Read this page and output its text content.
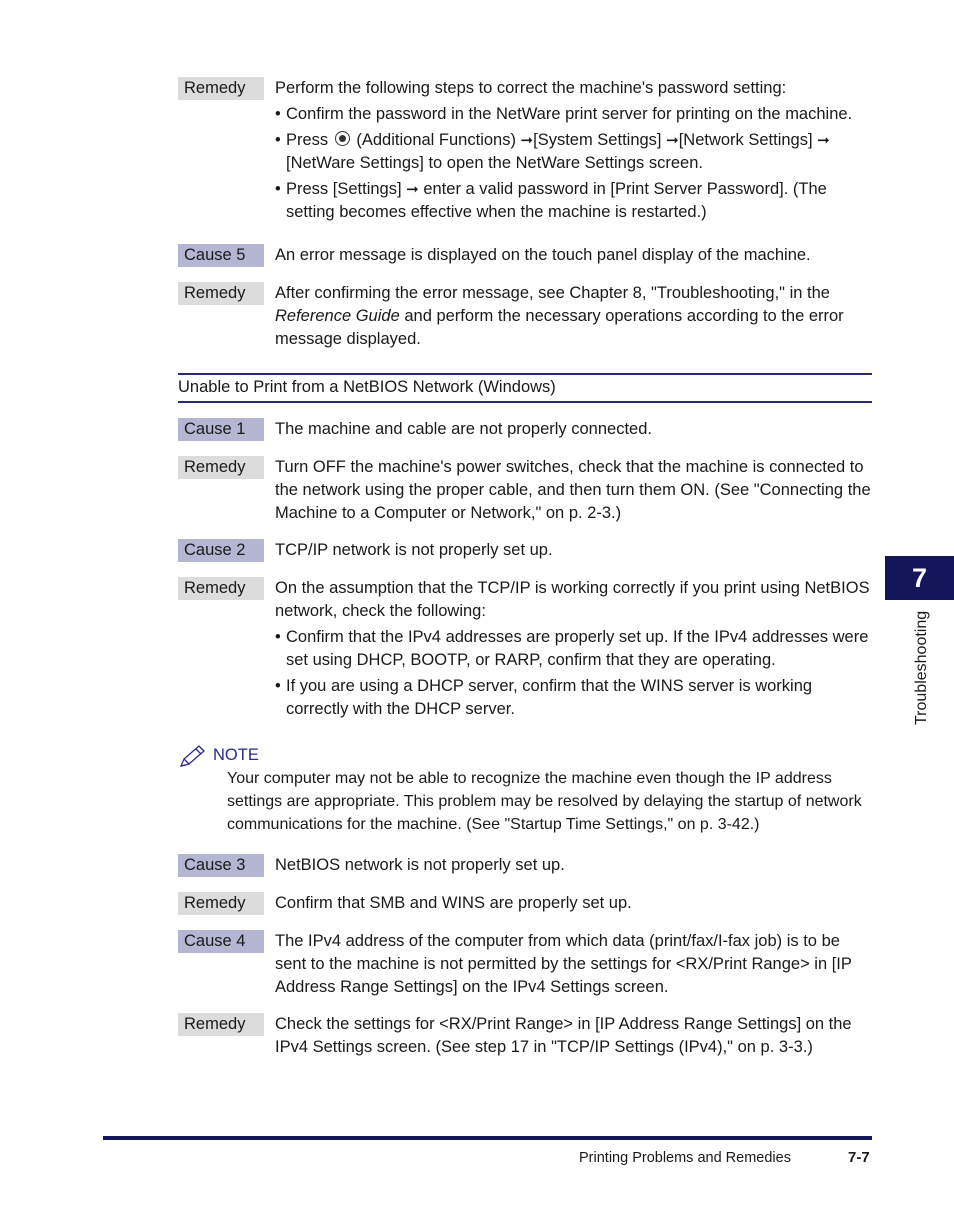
Remedy	Perform the following steps to correct the machine's password setting:

• Confirm the password in the NetWare print server for printing on the machine.
• Press (Additional Functions) ➞[System Settings] ➞[Network Settings] ➞
[NetWare Settings] to open the NetWare Settings screen.
• Press [Settings] ➞ enter a valid password in [Print Server Password]. (The setting becomes effective when the machine is restarted.)
Cause 5	An error message is displayed on the touch panel display of the machine.

Remedy	After confirming the error message, see Chapter 8, "Troubleshooting," in the
Reference Guide and perform the necessary operations according to the error message displayed.

Unable to Print from a NetBIOS Network (Windows)
Cause 1	The machine and cable are not properly connected.

Remedy	Turn OFF the machine's power switches, check that the machine is connected to the network using the proper cable, and then turn them ON. (See "Connecting the Machine to a Computer or Network," on p. 2-3.)

Cause 2	TCP/IP network is not properly set up.

Remedy	On the assumption that the TCP/IP is working correctly if you print using NetBIOS network, check the following:

• Confirm that the IPv4 addresses are properly set up. If the IPv4 addresses were set using DHCP, BOOTP, or RARP, confirm that they are operating.
• If you are using a DHCP server, confirm that the WINS server is working correctly with the DHCP server.
NOTE
Your computer may not be able to recognize the machine even though the IP address settings are appropriate. This problem may be resolved by delaying the startup of network communications for the machine. (See "Startup Time Settings," on p. 3-42.)
Cause 3	NetBIOS network is not properly set up.

Remedy	Confirm that SMB and WINS are properly set up.

Cause 4	The IPv4 address of the computer from which data (print/fax/I-fax job) is to be sent to the machine is not permitted by the settings for <RX/Print Range> in [IP Address Range Settings] on the IPv4 Settings screen.

Remedy	Check the settings for <RX/Print Range> in [IP Address Range Settings] on the IPv4 Settings screen. (See step 17 in "TCP/IP Settings (IPv4)," on p. 3-3.)

7
Troubleshooting
Printing Problems and Remedies	7-7
